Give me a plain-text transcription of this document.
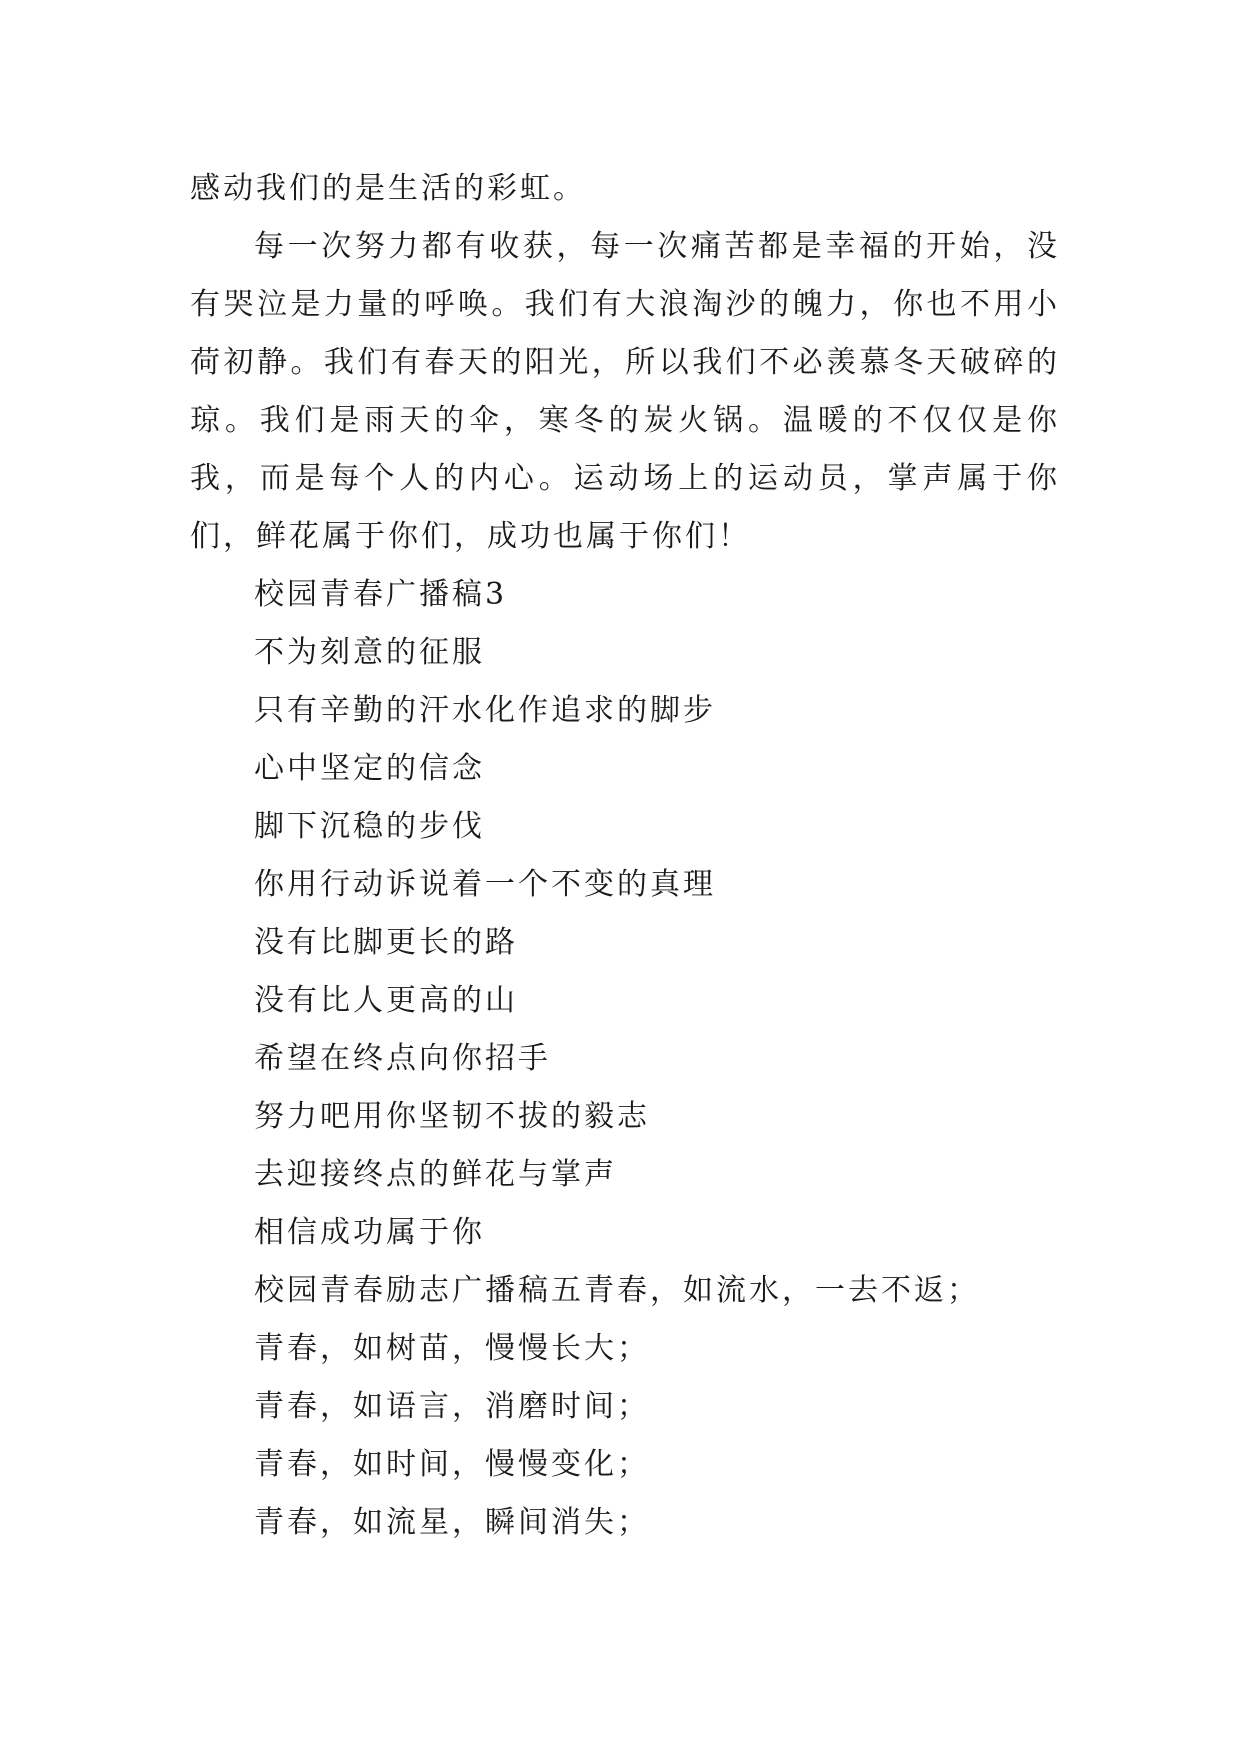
感动我们的是生活的彩虹。

每一次努力都有收获，每一次痛苦都是幸福的开始，没有哭泣是力量的呼唤。我们有大浪淘沙的魄力，你也不用小荷初静。我们有春天的阳光，所以我们不必羡慕冬天破碎的琼。我们是雨天的伞，寒冬的炭火锅。温暖的不仅仅是你我，而是每个人的内心。运动场上的运动员，掌声属于你们，鲜花属于你们，成功也属于你们！

校园青春广播稿3

不为刻意的征服

只有辛勤的汗水化作追求的脚步

心中坚定的信念

脚下沉稳的步伐

你用行动诉说着一个不变的真理

没有比脚更长的路

没有比人更高的山

希望在终点向你招手

努力吧用你坚韧不拔的毅志

去迎接终点的鲜花与掌声

相信成功属于你

校园青春励志广播稿五青春，如流水，一去不返；

青春，如树苗，慢慢长大；

青春，如语言，消磨时间；

青春，如时间，慢慢变化；

青春，如流星，瞬间消失；
